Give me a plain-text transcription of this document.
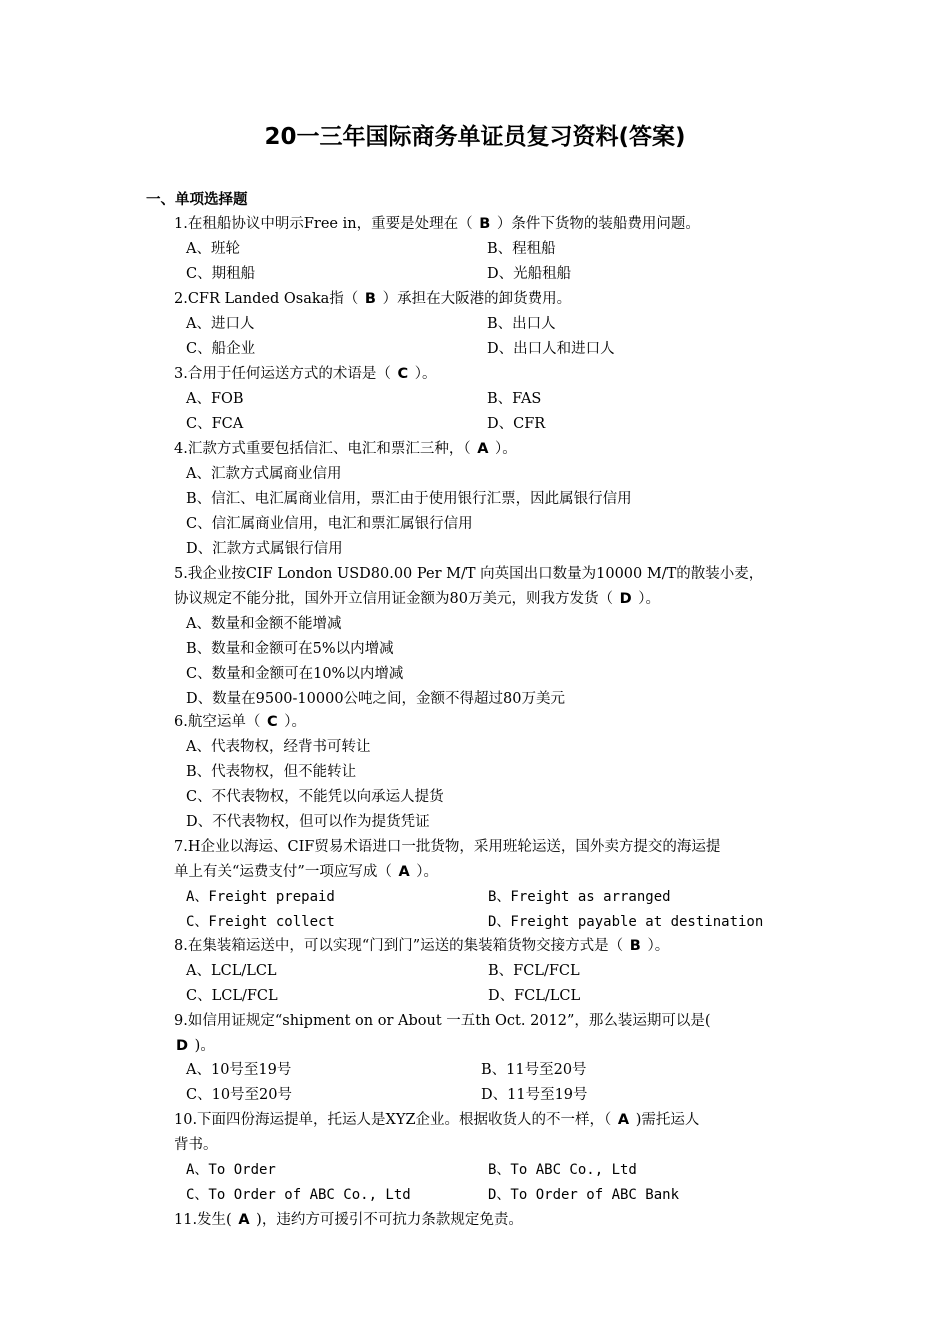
20一三年国际商务单证员复习资料(答案)
一、单项选择题
1.在租船协议中明示Free in，重要是处理在（ B ）条件下货物的装船费用问题。
A、班轮	B、程租船
C、期租船	D、光船租船
2.CFR Landed Osaka指（ B ）承担在大阪港的卸货费用。
A、进口人	B、出口人
C、船企业	D、出口人和进口人
3.合用于任何运送方式的术语是（ C ）。
A、FOB	B、FAS
C、FCA	D、CFR
4.汇款方式重要包括信汇、电汇和票汇三种，（ A ）。
A、汇款方式属商业信用
B、信汇、电汇属商业信用，票汇由于使用银行汇票，因此属银行信用
C、信汇属商业信用，电汇和票汇属银行信用
D、汇款方式属银行信用
5.我企业按CIF London USD80.00 Per M/T 向英国出口数量为10000 M/T的散装小麦，
协议规定不能分批，国外开立信用证金额为80万美元，则我方发货（ D ）。
A、数量和金额不能增减
B、数量和金额可在5%以内增减
C、数量和金额可在10%以内增减
D、数量在9500-10000公吨之间，金额不得超过80万美元
6.航空运单（ C ）。
A、代表物权，经背书可转让
B、代表物权，但不能转让
C、不代表物权，不能凭以向承运人提货
D、不代表物权，但可以作为提货凭证
7.H企业以海运、CIF贸易术语进口一批货物，采用班轮运送，国外卖方提交的海运提
单上有关“运费支付”一项应写成（ A ）。
A、Freight prepaid	B、Freight as arranged
C、Freight collect	D、Freight payable at destination
8.在集装箱运送中，可以实现“门到门”运送的集装箱货物交接方式是（ B ）。
A、LCL/LCL	B、FCL/FCL
C、LCL/FCL	D、FCL/LCL
9.如信用证规定“shipment on or About 一五th Oct. 2012”，那么装运期可以是(
D )。
A、10号至19号	B、11号至20号
C、10号至20号	D、11号至19号
10.下面四份海运提单，托运人是XYZ企业。根据收货人的不一样，（ A )需托运人
背书。
A、To Order	B、To ABC Co., Ltd
C、To Order of ABC Co., Ltd	D、To Order of ABC Bank
11.发生( A )，违约方可援引不可抗力条款规定免责。
